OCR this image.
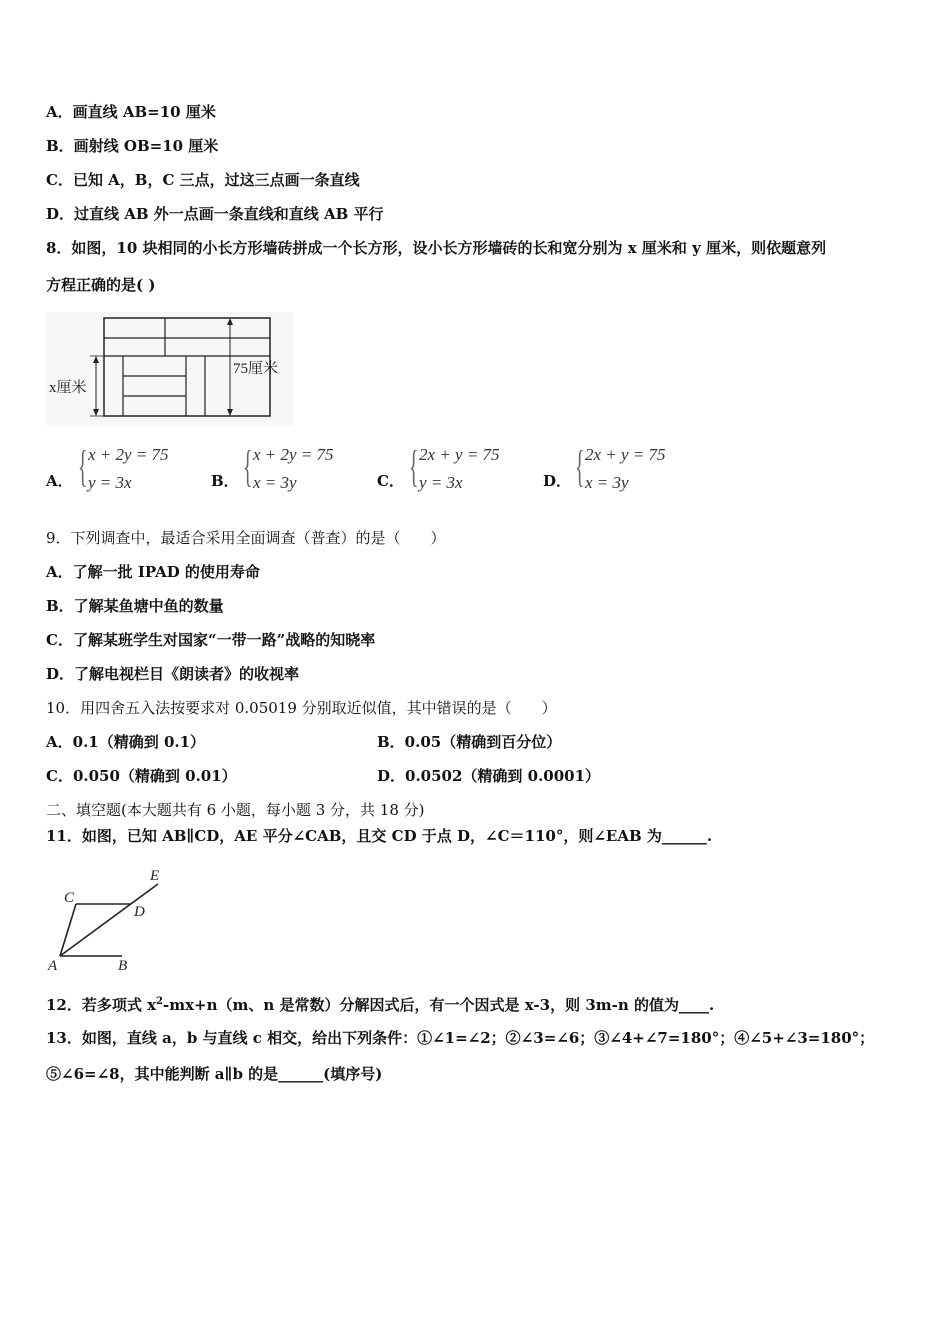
A．画直线 AB=10 厘米
B．画射线 OB=10 厘米
C．已知 A，B，C 三点，过这三点画一条直线
D．过直线 AB 外一点画一条直线和直线 AB 平行
8．如图，10 块相同的小长方形墙砖拼成一个长方形，设小长方形墙砖的长和宽分别为 x 厘米和 y 厘米，则依题意列
方程正确的是( )
x厘米
75厘米
A． { x + 2y = 75
y = 3x	B． { x + 2y = 75
x = 3y	C． { 2x + y = 75
y = 3x	D． { 2x + y = 75
x = 3y
9．下列调查中，最适合采用全面调查（普查）的是（　　）
A．了解一批 IPAD 的使用寿命
B．了解某鱼塘中鱼的数量
C．了解某班学生对国家“一带一路”战略的知晓率
D．了解电视栏目《朗读者》的收视率
10．用四舍五入法按要求对 0.05019 分别取近似值，其中错误的是（　　）
A．0.1（精确到 0.1）	B．0.05（精确到百分位）
C．0.050（精确到 0.01）	D．0.0502（精确到 0.0001）
二、填空题(本大题共有 6 小题，每小题 3 分，共 18 分)
11．如图，已知 AB∥CD，AE 平分∠CAB，且交 CD 于点 D，∠C＝110°，则∠EAB 为______.
C
E
D
A	B
12．若多项式 $x^2-mx+n(m$、n 是常数）分解因式后，有一个因式是 x-3，则 3m-n 的值为____.
13．如图，直线 a，b 与直线 c 相交，给出下列条件：①∠1=∠2；②∠3=∠6；③∠4+∠7=180°；④∠5+∠3=180°；
⑤∠6=∠8，其中能判断 a∥b 的是______(填序号)
